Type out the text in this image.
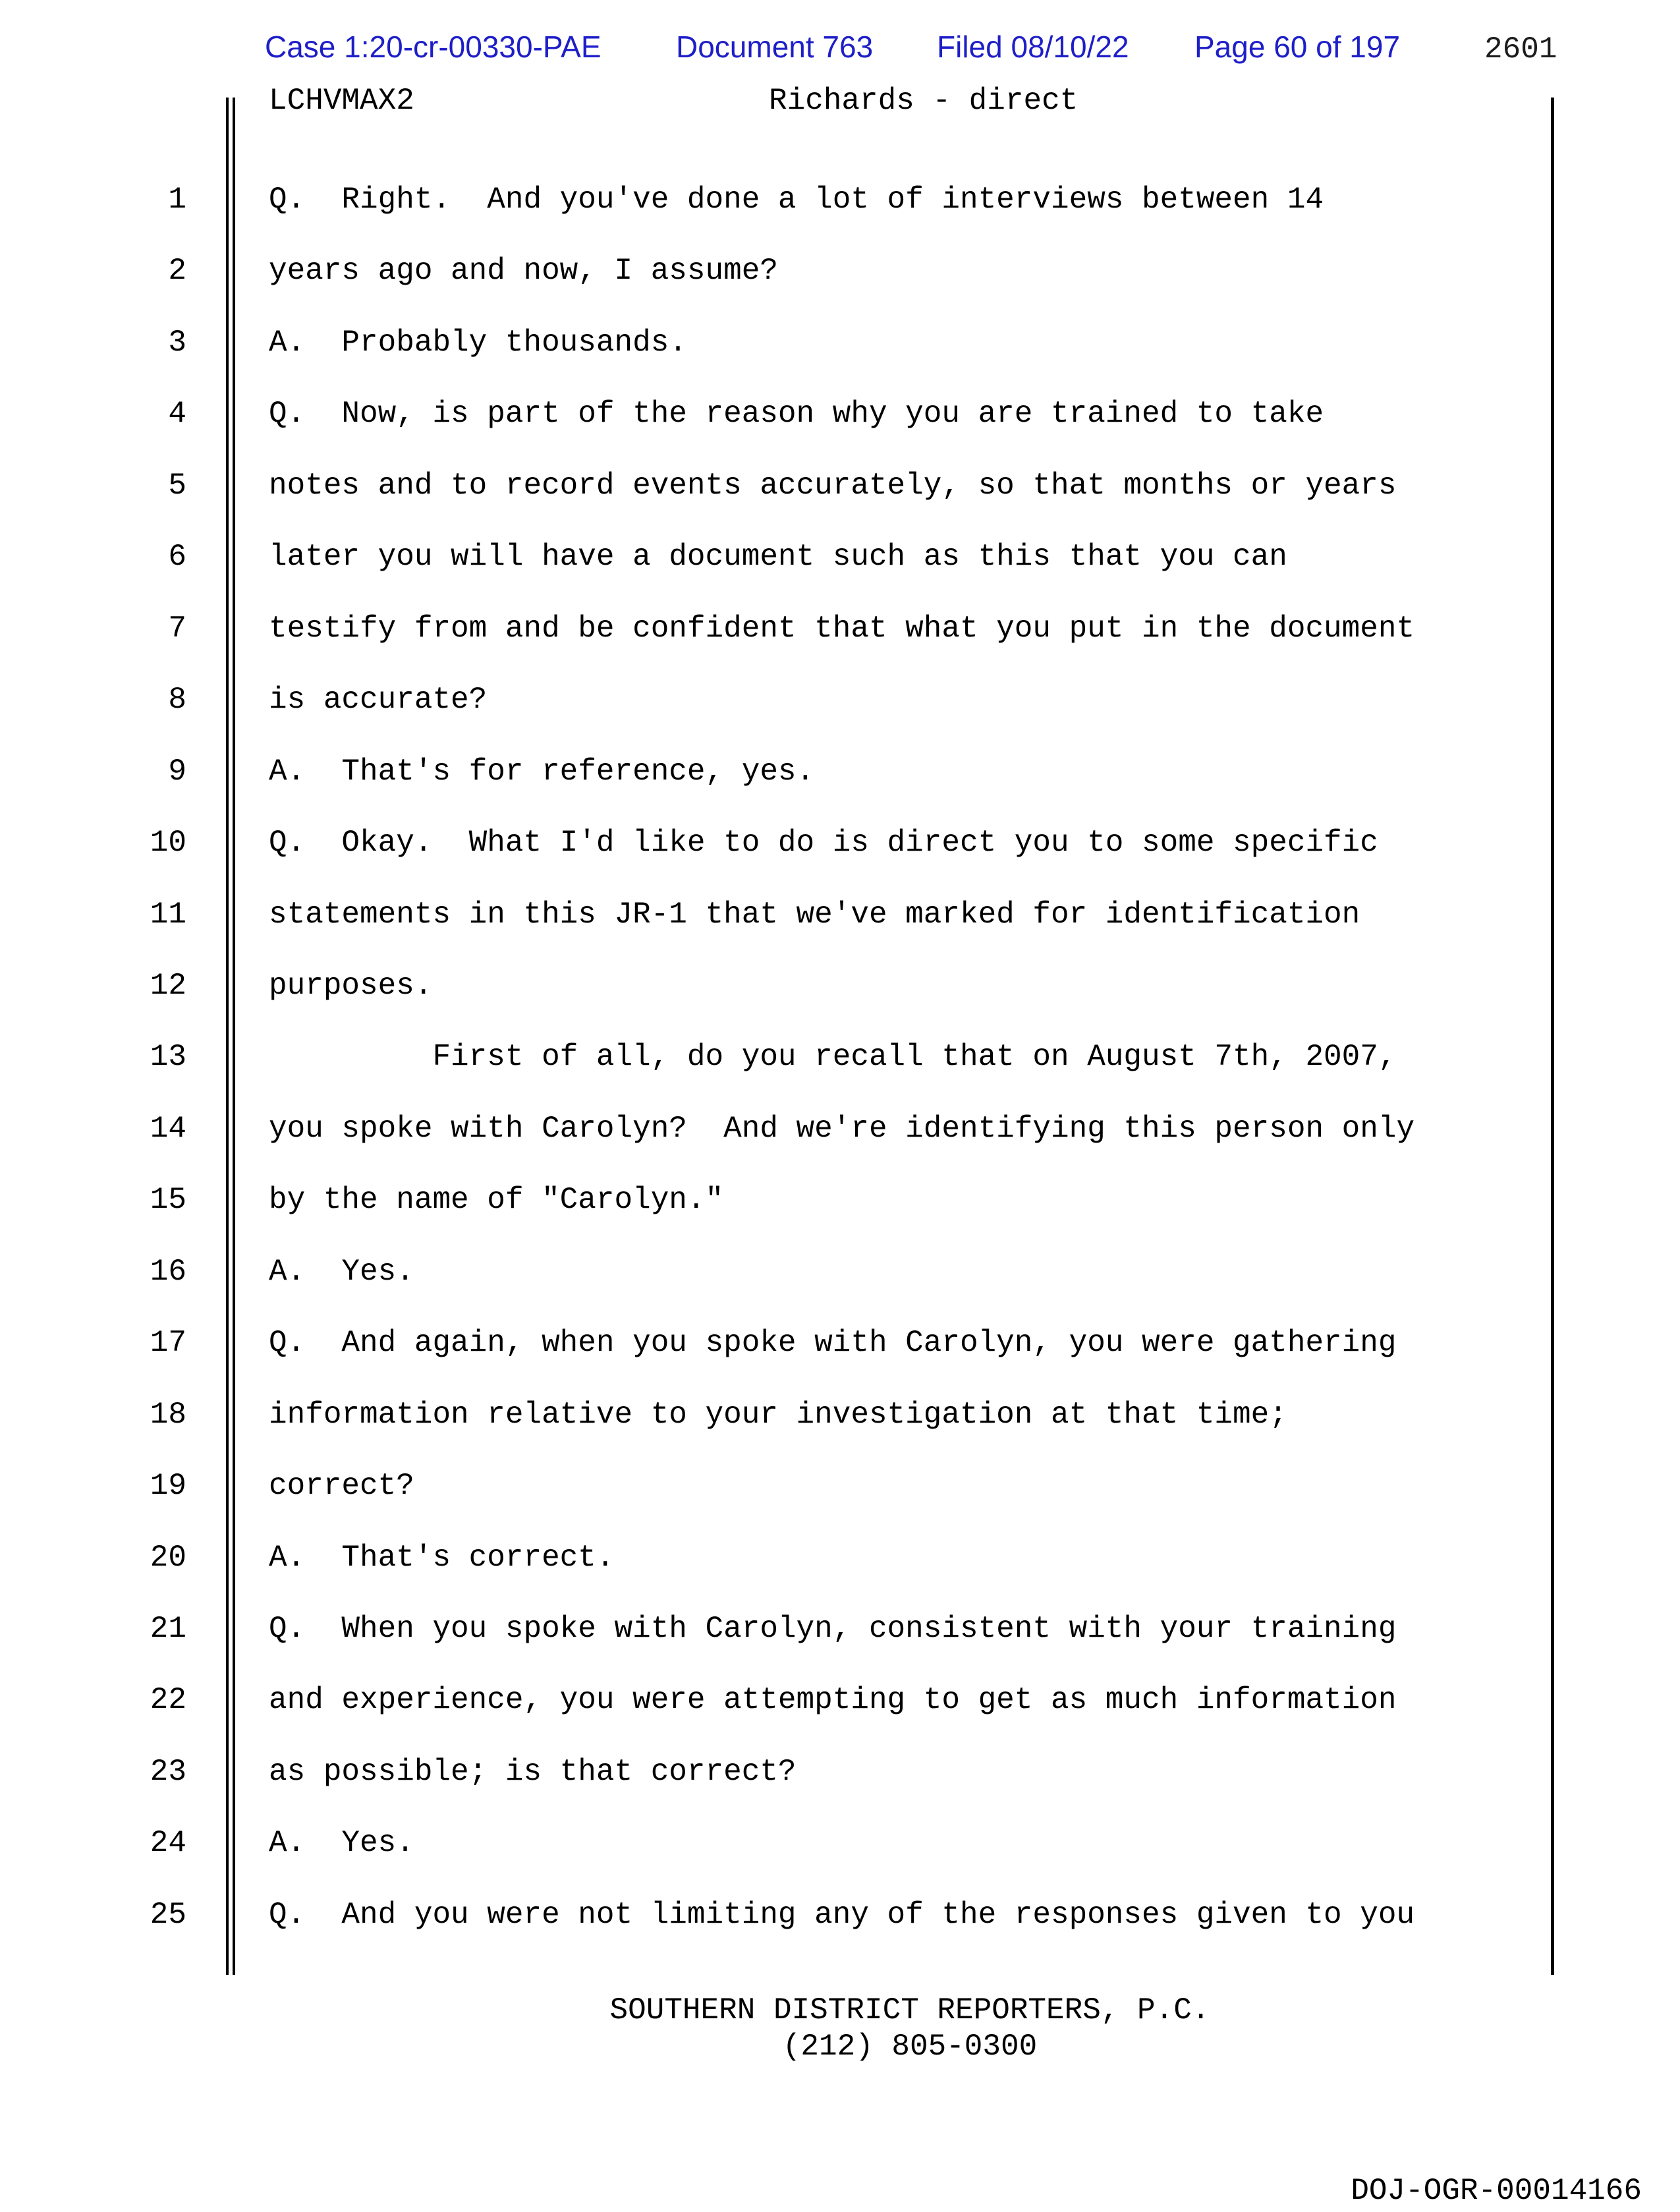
Case 1:20-cr-00330-PAE Document 763 Filed 08/10/22 Page 60 of 197	2601
LCHVMAX2	Richards - direct
1	Q.  Right.  And you've done a lot of interviews between 14
2	years ago and now, I assume?
3	A.  Probably thousands.
4	Q.  Now, is part of the reason why you are trained to take
5	notes and to record events accurately, so that months or years
6	later you will have a document such as this that you can
7	testify from and be confident that what you put in the document
8	is accurate?
9	A.  That's for reference, yes.
10	Q.  Okay.  What I'd like to do is direct you to some specific
11	statements in this JR-1 that we've marked for identification
12	purposes.
13	First of all, do you recall that on August 7th, 2007,
14	you spoke with Carolyn?  And we're identifying this person only
15	by the name of "Carolyn."
16	A.  Yes.
17	Q.  And again, when you spoke with Carolyn, you were gathering
18	information relative to your investigation at that time;
19	correct?
20	A.  That's correct.
21	Q.  When you spoke with Carolyn, consistent with your training
22	and experience, you were attempting to get as much information
23	as possible; is that correct?
24	A.  Yes.
25	Q.  And you were not limiting any of the responses given to you
SOUTHERN DISTRICT REPORTERS, P.C.
(212) 805-0300
DOJ-OGR-00014166
